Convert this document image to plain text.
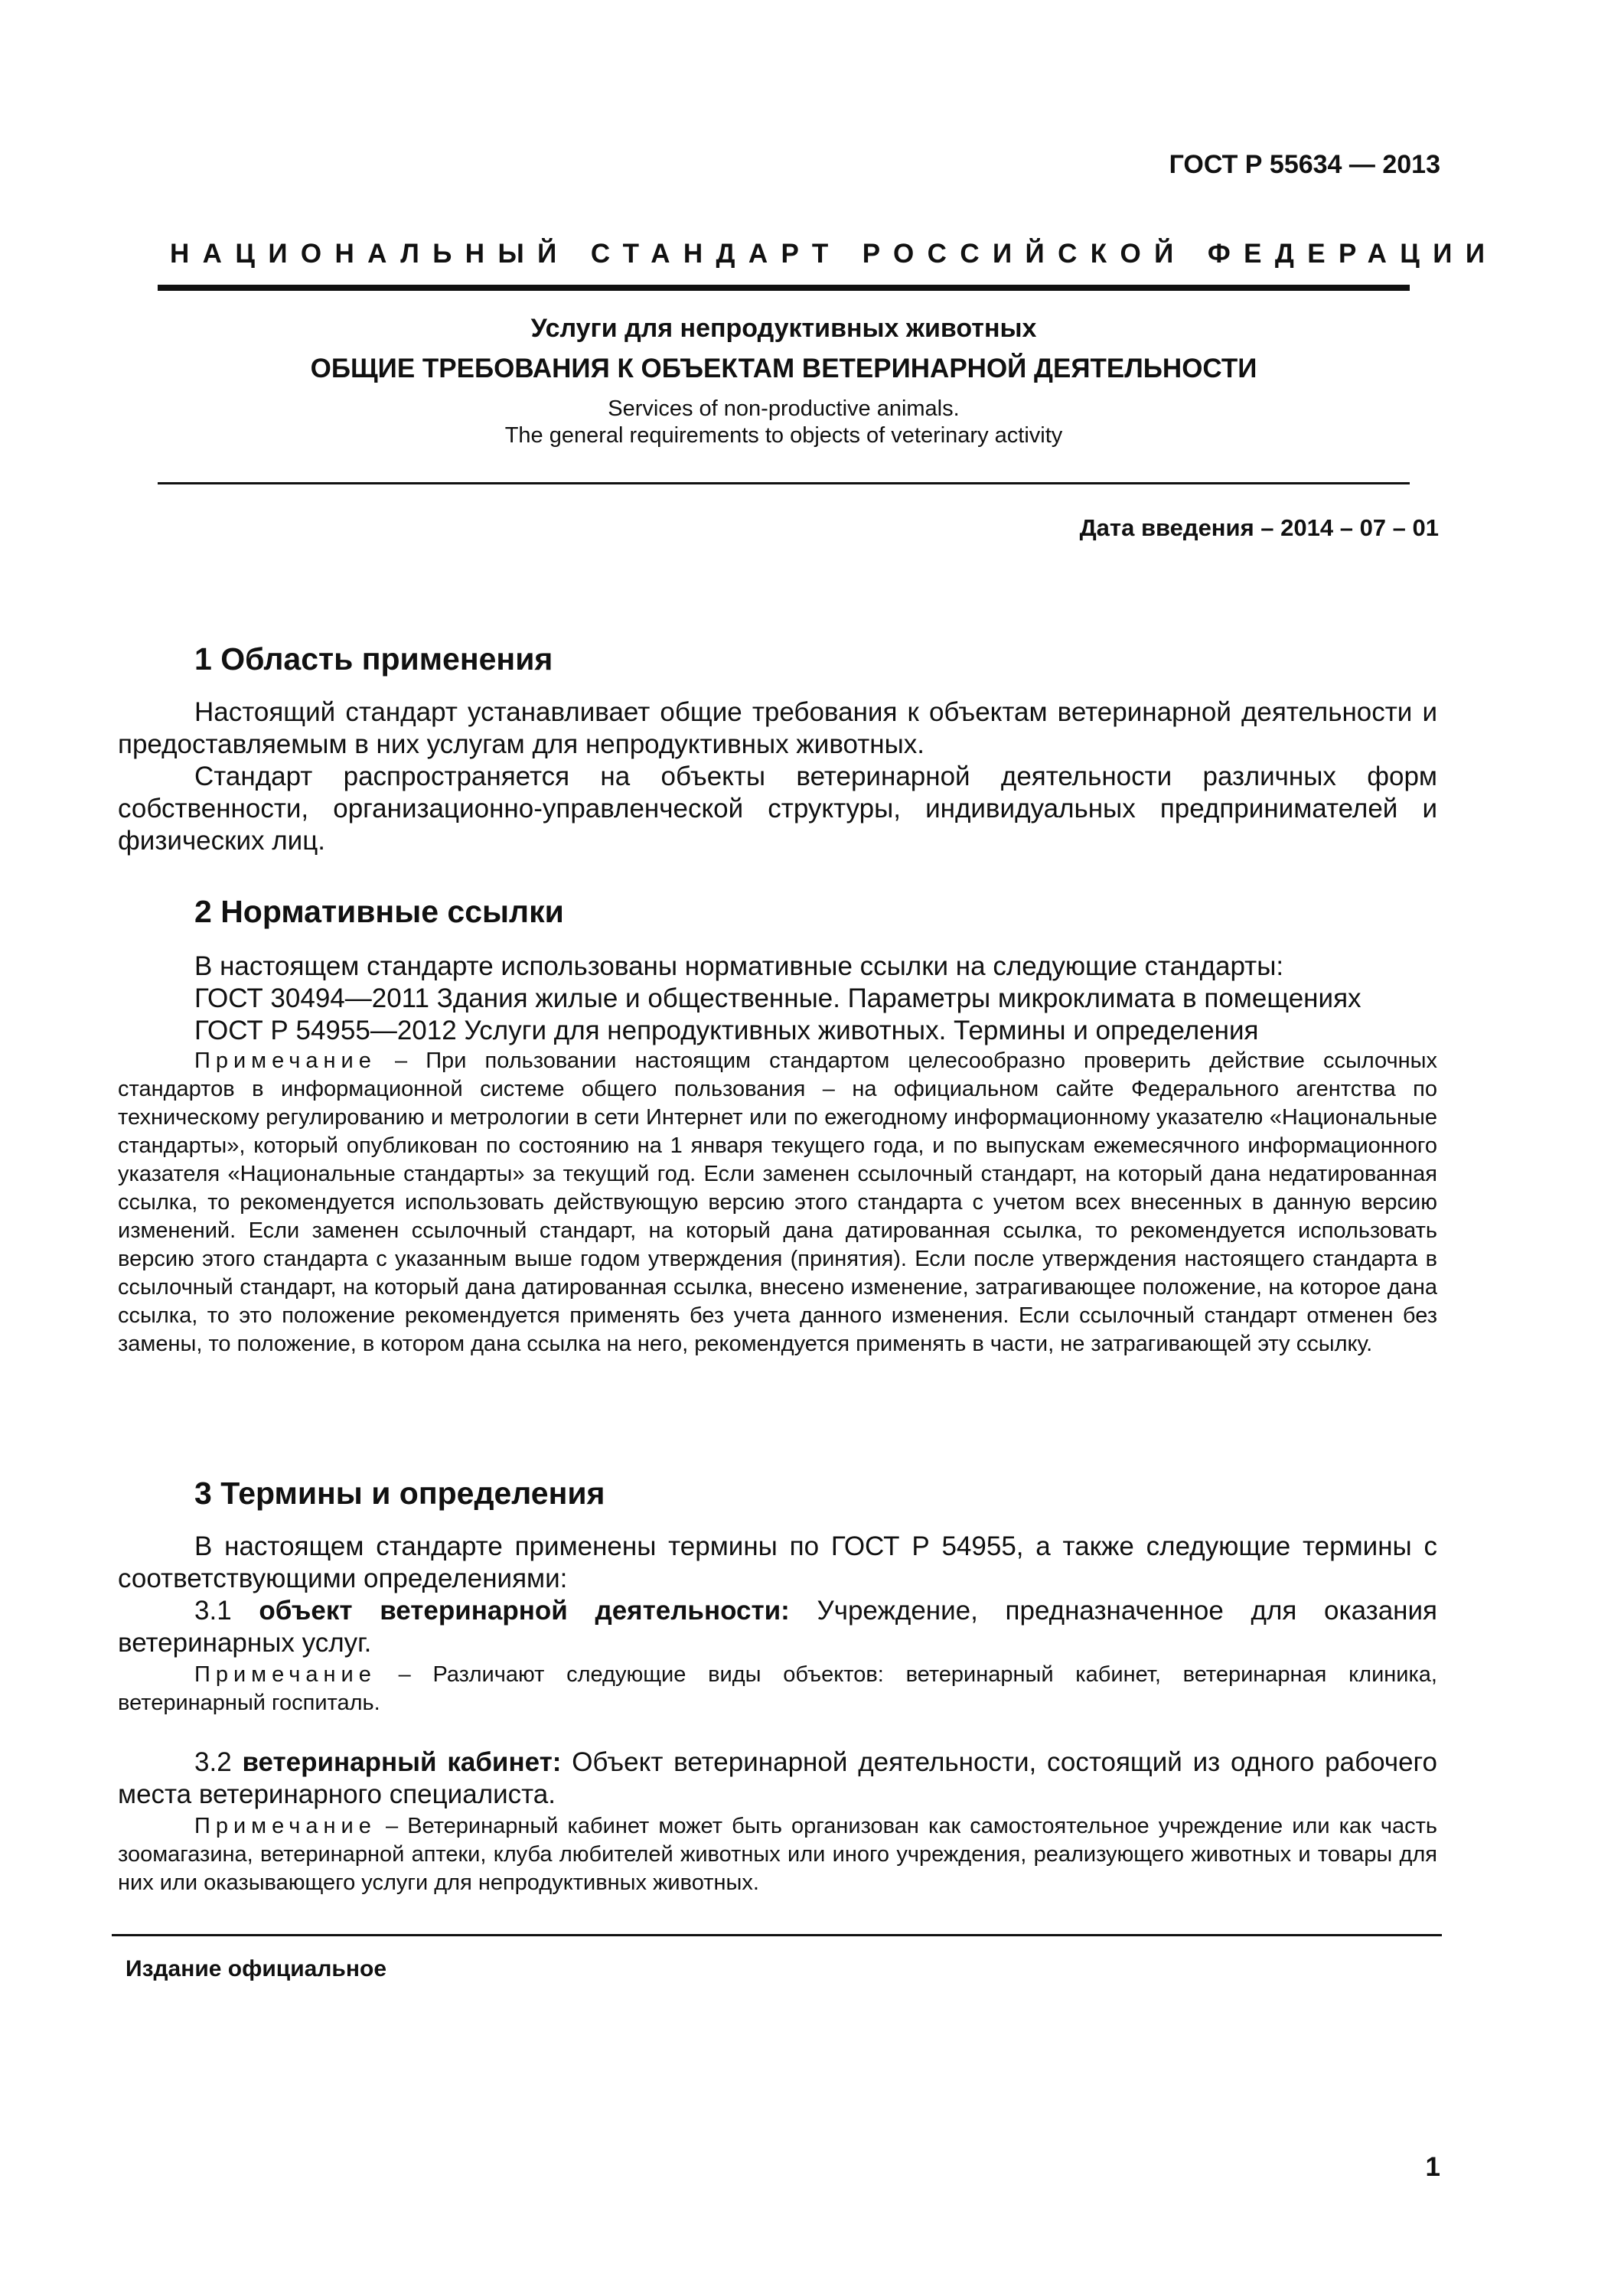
ГОСТ Р 55634 — 2013
НАЦИОНАЛЬНЫЙ СТАНДАРТ РОССИЙСКОЙ ФЕДЕРАЦИИ
Услуги для непродуктивных животных
ОБЩИЕ ТРЕБОВАНИЯ К ОБЪЕКТАМ ВЕТЕРИНАРНОЙ ДЕЯТЕЛЬНОСТИ
Services of non-productive animals.
The general requirements to objects of veterinary activity
Дата введения – 2014 – 07 – 01
1 Область применения

Настоящий стандарт устанавливает общие требования к объектам ветеринарной деятельности и предоставляемым в них услугам для непродуктивных животных.

Стандарт распространяется на объекты ветеринарной деятельности различных форм собственности, организационно-управленческой структуры, индивидуальных предпринимателей и физических лиц.

2 Нормативные ссылки
В настоящем стандарте использованы нормативные ссылки на следующие стандарты:
ГОСТ 30494—2011 Здания жилые и общественные. Параметры микроклимата в помещениях
ГОСТ Р 54955—2012 Услуги для непродуктивных животных. Термины и определения

Примечание – При пользовании настоящим стандартом целесообразно проверить действие ссылочных стандартов в информационной системе общего пользования – на официальном сайте Федерального агентства по техническому регулированию и метрологии в сети Интернет или по ежегодному информационному указателю «Национальные стандарты», который опубликован по состоянию на 1 января текущего года, и по выпускам ежемесячного информационного указателя «Национальные стандарты» за текущий год. Если заменен ссылочный стандарт, на который дана недатированная ссылка, то рекомендуется использовать действующую версию этого стандарта с учетом всех внесенных в данную версию изменений. Если заменен ссылочный стандарт, на который дана датированная ссылка, то рекомендуется использовать версию этого стандарта с указанным выше годом утверждения (принятия). Если после утверждения настоящего стандарта в ссылочный стандарт, на который дана датированная ссылка, внесено изменение, затрагивающее положение, на которое дана ссылка, то это положение рекомендуется применять без учета данного изменения. Если ссылочный стандарт отменен без замены, то положение, в котором дана ссылка на него, рекомендуется применять в части, не затрагивающей эту ссылку.

3 Термины и определения

В настоящем стандарте применены термины по ГОСТ Р 54955, а также следующие термины с соответствующими определениями:

3.1 объект ветеринарной деятельности: Учреждение, предназначенное для оказания ветеринарных услуг.

Примечание – Различают следующие виды объектов: ветеринарный кабинет, ветеринарная клиника, ветеринарный госпиталь.

3.2 ветеринарный кабинет: Объект ветеринарной деятельности, состоящий из одного рабочего места ветеринарного специалиста.

Примечание – Ветеринарный кабинет может быть организован как самостоятельное учреждение или как часть зоомагазина, ветеринарной аптеки, клуба любителей животных или иного учреждения, реализующего животных и товары для них или оказывающего услуги для непродуктивных животных.

Издание официальное
1
